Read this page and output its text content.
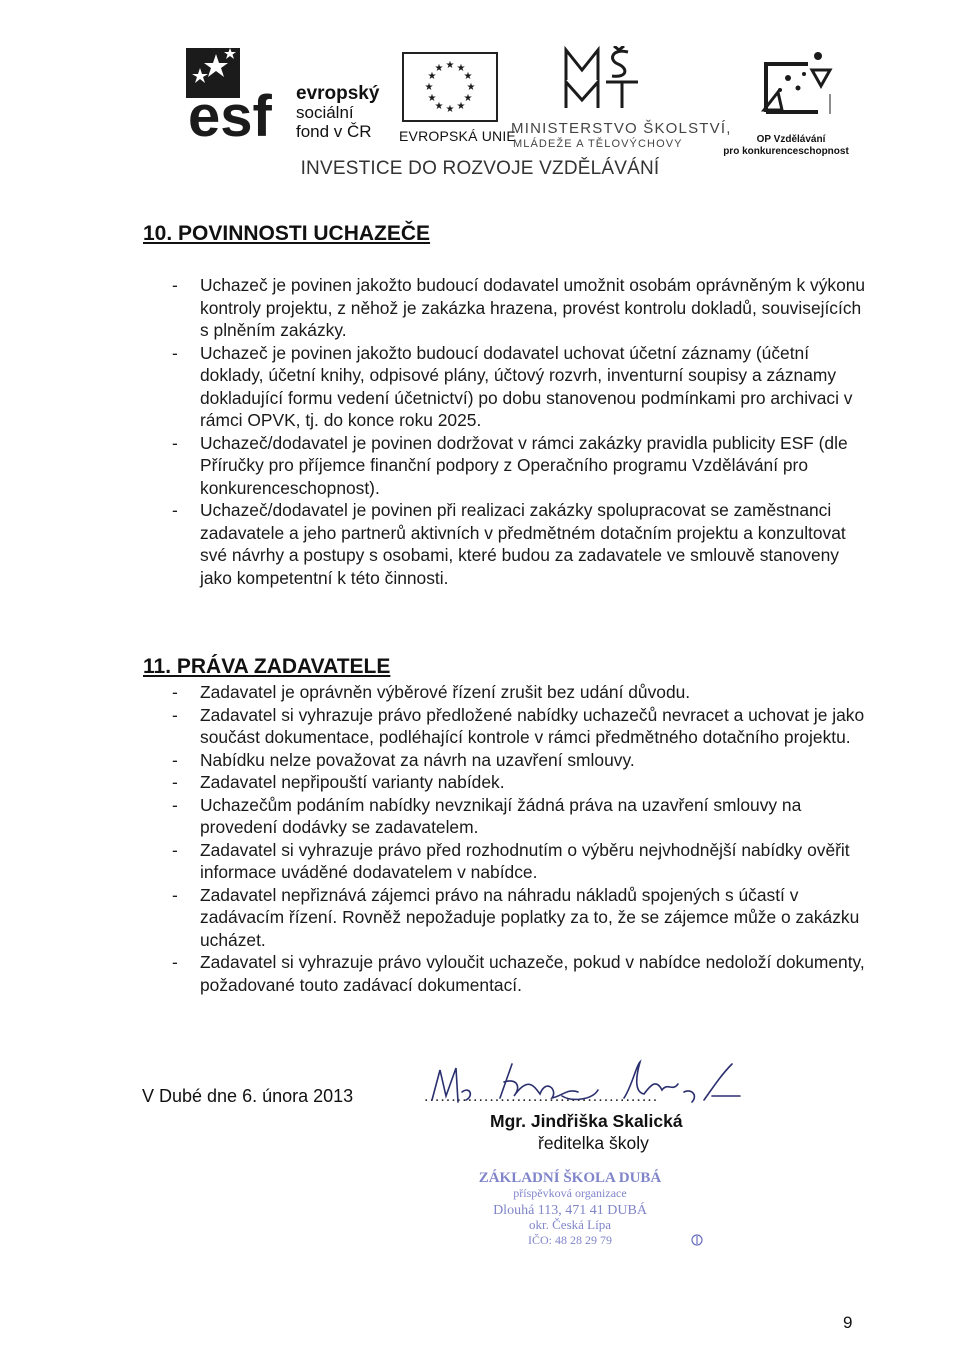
esf evropský
sociální
fond v ČR
★ ★
★
★
★
★
★
★
★
★
★
★
EVROPSKÁ UNIE
MINISTERSTVO ŠKOLSTVÍ,
MLÁDEŽE A TĚLOVÝCHOVY	OP Vzdělávání
pro konkurenceschopnost
INVESTICE DO ROZVOJE VZDĚLÁVÁNÍ
10. POVINNOSTI UCHAZEČE
- Uchazeč je povinen jakožto budoucí dodavatel umožnit osobám oprávněným k výkonu kontroly projektu, z něhož je zakázka hrazena, provést kontrolu dokladů, souvisejících s plněním zakázky.
- Uchazeč je povinen jakožto budoucí dodavatel uchovat účetní záznamy (účetní doklady, účetní knihy, odpisové plány, účtový rozvrh, inventurní soupisy a záznamy dokladující formu vedení účetnictví) po dobu stanovenou podmínkami pro archivaci v rámci OPVK, tj. do konce roku 2025.
- Uchazeč/dodavatel je povinen dodržovat v rámci zakázky pravidla publicity ESF (dle Příručky pro příjemce finanční podpory z Operačního programu Vzdělávání pro konkurenceschopnost).
- Uchazeč/dodavatel je povinen při realizaci zakázky spolupracovat se zaměstnanci zadavatele a jeho partnerů aktivních v předmětném dotačním projektu a konzultovat své návrhy a postupy s osobami, které budou za zadavatele ve smlouvě stanoveny jako kompetentní k této činnosti.
11. PRÁVA ZADAVATELE
- Zadavatel je oprávněn výběrové řízení zrušit bez udání důvodu.
- Zadavatel si vyhrazuje právo předložené nabídky uchazečů nevracet a uchovat je jako součást dokumentace, podléhající kontrole v rámci předmětného dotačního projektu.
- Nabídku nelze považovat za návrh na uzavření smlouvy.
- Zadavatel nepřipouští varianty nabídek.
- Uchazečům podáním nabídky nevznikají žádná práva na uzavření smlouvy na provedení dodávky se zadavatelem.
- Zadavatel si vyhrazuje právo před rozhodnutím o výběru nejvhodnější nabídky ověřit informace uváděné dodavatelem v nabídce.
- Zadavatel nepřiznává zájemci právo na náhradu nákladů spojených s účastí v zadávacím řízení. Rovněž nepožaduje poplatky za to, že se zájemce může o zakázku ucházet.
- Zadavatel si vyhrazuje právo vyloučit uchazeče, pokud v nabídce nedoloží dokumenty, požadované touto zadávací dokumentací.
V Dubé dne 6. února 2013	...........................................
Mgr. Jindřiška Skalická
ředitelka školy
ZÁKLADNÍ ŠKOLA DUBÁ
příspěvková organizace
Dlouhá 113, 471 41 DUBÁ
okr. Česká Lípa
IČO: 48 28 29 79
9
